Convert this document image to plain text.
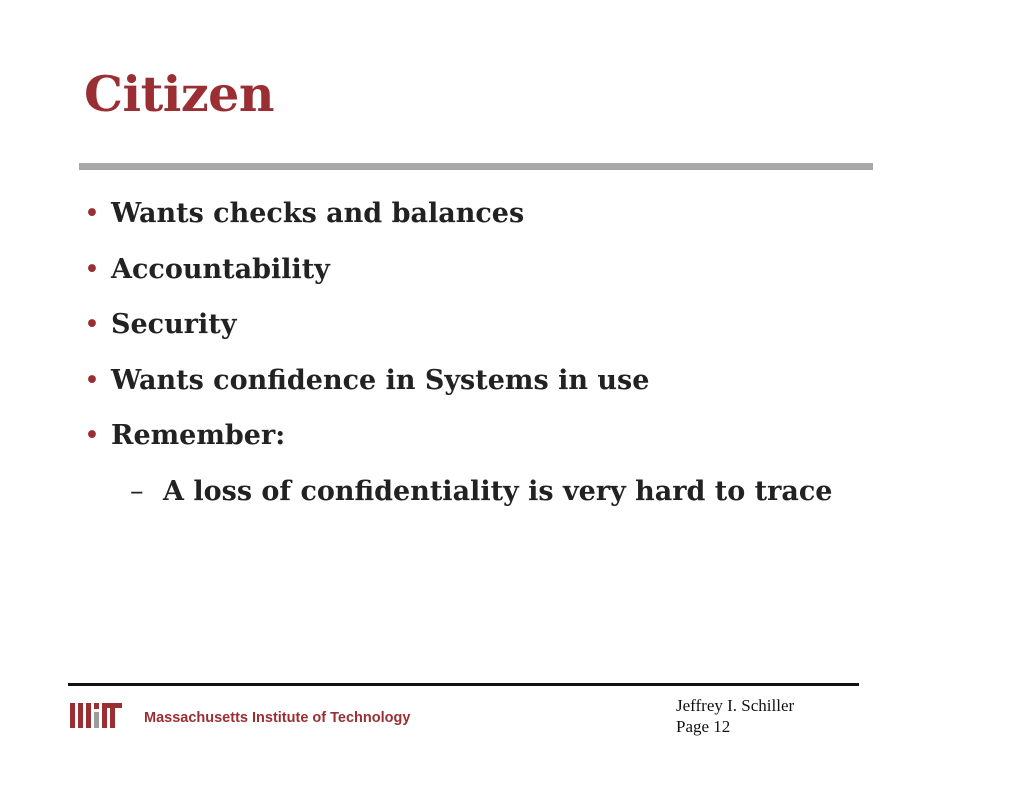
Citizen
• Wants checks and balances
• Accountability
• Security
• Wants confidence in Systems in use
• Remember:
– A loss of confidentiality is very hard to trace
Massachusetts Institute of Technology
Jeffrey I. Schiller
Page 12
